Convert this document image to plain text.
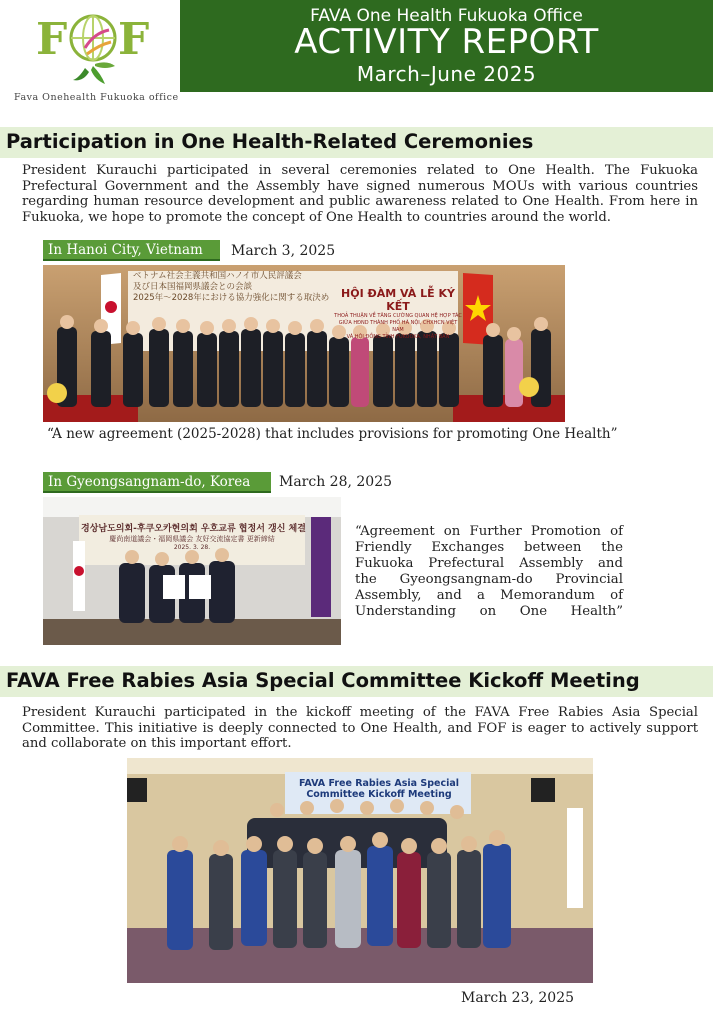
F F
Fava Onehealth Fukuoka office
FAVA One Health Fukuoka Office
ACTIVITY REPORT
March–June 2025
Participation in One Health-Related Ceremonies
President Kurauchi participated in several ceremonies related to One Health. The Fukuoka Prefectural Government and the Assembly have signed numerous MOUs with various countries regarding human resource development and public awareness related to One Health. From here in Fukuoka, we hope to promote the concept of One Health to countries around the world.
In Hanoi City, Vietnam	March 3, 2025
ベトナム社会主義共和国ハノイ市人民評議会
及び日本国福岡県議会との会談
2025年～2028年における協力強化に関する取決め	HỘI ĐÀM VÀ LỄ KÝ KẾT
THOẢ THUẬN VỀ TĂNG CƯỜNG QUAN HỆ HỢP TÁC
GIỮA HĐND THÀNH PHỐ HÀ NỘI, CHXHCN VIỆT NAM
VÀ HỘI ĐỒNG TỈNH FUKUOKA, NHẬT BẢN
“A new agreement (2025-2028) that includes provisions for promoting One Health”
In Gyeongsangnam-do, Korea	March 28, 2025
경상남도의회-후쿠오카현의회 우호교류 협정서 갱신 체결
慶尚南道議会・福岡県議会 友好交流協定書 更新締結
2025. 3. 28.
“Agreement on Further Promotion of
Friendly Exchanges between the
Fukuoka Prefectural Assembly and
the Gyeongsangnam-do Provincial
Assembly, and a Memorandum of
Understanding on One Health”
FAVA Free Rabies Asia Special Committee Kickoff Meeting
President Kurauchi participated in the kickoff meeting of the FAVA Free Rabies Asia Special Committee. This initiative is deeply connected to One Health, and FOF is eager to actively support and collaborate on this important effort.
FAVA Free Rabies Asia Special
Committee Kickoff Meeting
March 23, 2025
